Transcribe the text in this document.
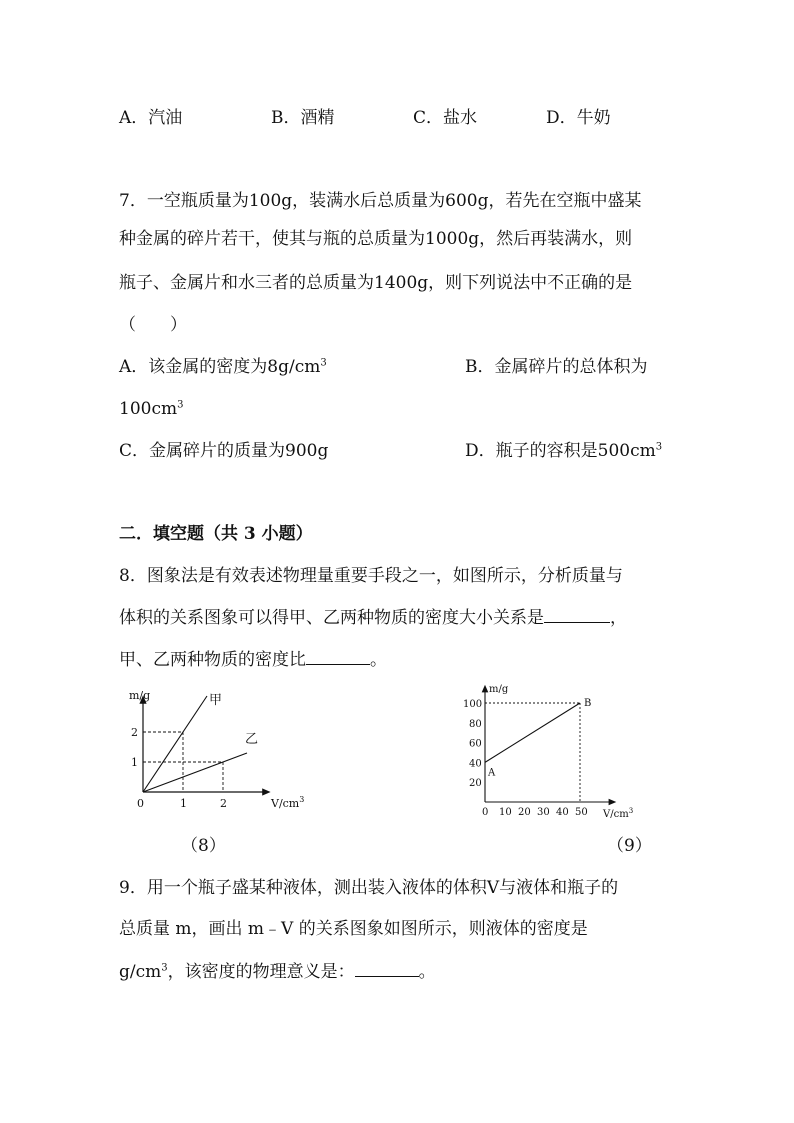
A．汽油	B．酒精	C．盐水	D．牛奶
7．一空瓶质量为100g，装满水后总质量为600g，若先在空瓶中盛某
种金属的碎片若干，使其与瓶的总质量为1000g，然后再装满水，则
瓶子、金属片和水三者的总质量为1400g，则下列说法中不正确的是
（　　）
A．该金属的密度为$8g/cm^3$	B．金属碎片的总体积为
$100cm^3$
C．金属碎片的质量为900g	D．瓶子的容积是$500cm^3$
二．填空题（共 3 小题）
8．图象法是有效表述物理量重要手段之一，如图所示，分析质量与
体积的关系图象可以得甲、乙两种物质的密度大小关系是	，
甲、乙两种物质的密度比	。
1	2
1
2
m/g
$V/cm^3$
0
甲
乙
（8）
0 10 20 30 40 50
20
40
60
80
100
A
B
m/g
$V/cm^3$
（9）
9．用一个瓶子盛某种液体，测出装入液体的体积V与液体和瓶子的
总质量 m，画出 m﹣V 的关系图象如图所示，则液体的密度是
$g/cm^3$，该密度的物理意义是：	。
